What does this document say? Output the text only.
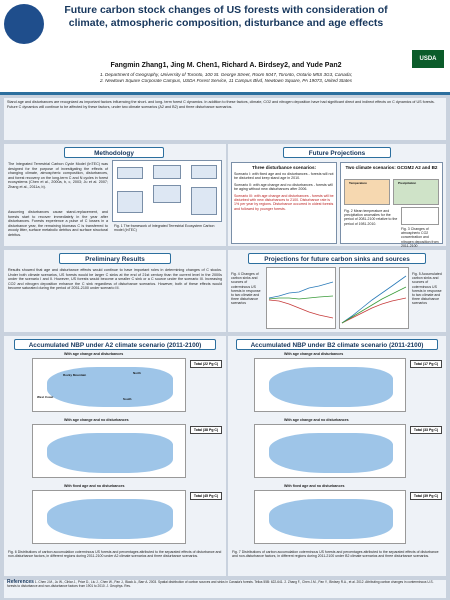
Future carbon stock changes of US forests with consideration of climate, atmospheric composition, disturbance and age effects
Fangmin Zhang1, Jing M. Chen1, Richard A. Birdsey2, and Yude Pan2
1. Department of Geography, University of Toronto, 100 St. George Street, Room 5047, Toronto, Ontario M5S 3G3, Canada;
2. Newtown Square Corporate Campus, USDA Forest Service, 11 Campus Blvd, Newtown Square, PA 19073, United States
USDA
Stand age and disturbances are recognized as important factors influencing the short- and long- term forest C dynamics. In addition to these factors, climate, CO2 and nitrogen deposition have had significant direct and indirect effects on C dynamics of US forests. Future C dynamics will continue to be affected by these factors, under two climate scenarios (A2 and B2) and three disturbance scenarios.
Methodology
The Integrated Terrestrial Carbon Cycle Model (InTEC) was designed for the purpose of investigating the effects of changing climate, atmospheric composition, disturbances, and forest recovery on the long-term C and N cycles in forest ecosystems (Chen et al., 2000a, b, c, 2003; Ju et al. 2007; Zhang et al., 2011a, b).
Fig. 1 The framework of Integrated Terrestrial Ecosystem Carbon model (InTEC)
Assuming disturbances cause stand-replacement, and forests start to recover immediately in the year after disturbances. Forests experience a pulse of C losses in a disturbance year, the remaining biomass C is transferred to woody litter, surface metabolic detritus and surface structural detritus.
Future Projections
Three disturbance scenarios:
Scenario I: with fixed age and no disturbances - forests will not be disturbed and keep stand age in 2010.
Scenario II: with age change and no disturbances - forests will be aging without new disturbances after 2006.
Scenario III: with age change and disturbances - forests will be disturbed with new disturbances to 2100. Disturbance rate is 1% per year by regions. Disturbance occurred in oldest forests and followed by younger forests.
Two climate scenarios: GCGM2 A2 and B2
Temperature	Precipitation
Fig. 2 Mean temperature and precipitation anomalies for the period of 2081-2100 relative to the period of 1981-2010.
Fig. 3 Changes of atmospheric CO2 concentration and nitrogen deposition from 2011-2100
Preliminary Results
Results showed that age and disturbance effects would continue to have important roles in determining changes of C stocks. Under both climate scenarios, US forests would be larger C sinks at the end of 21st century than the current level in the 2000s under the scenario I and II. However, US forests would become a smaller C sink or a C source under the scenario III. Increasing CO2 and nitrogen deposition enhance the C sink regardless of disturbance scenarios. However, both of these effects would become saturated during the period of 2051-2100 under scenario III.
Projections for future carbon sinks and sources
Fig. 4 Changes of carbon sinks and sources of coterminous US forests in response to two climate and three disturbance scenarios
Fig. 5 Accumulated carbon sinks and sources of coterminous US forests in response to two climate and three disturbance scenarios
Accumulated NBP under A2 climate scenario (2011-2100)
With age change and disturbances
Rocky Mountain	North
West Coast	South
Total (22 Pg C)
With age change and no disturbances
Total (38 Pg C)
With fixed age and no disturbances
Total (45 Pg C)
Fig. 6 Distributions of carbon accumulation coterminous US forests and percentages attributed to the separated effects of disturbance and non-disturbance factors, in different regions during 2011-2100 under A2 climate scenarios and three disturbance scenarios.
Accumulated NBP under B2 climate scenario (2011-2100)
With age change and disturbances
Total (17 Pg C)
With age change and no disturbances
Total (33 Pg C)
With fixed age and no disturbances
Total (39 Pg C)
Fig. 7 Distributions of carbon accumulation coterminous US forests and percentages attributed to the separated effects of disturbance and non-disturbance factors, in different regions during 2011-2100 under B2 climate scenarios and three disturbance scenarios.
References 1. Chen J.M., Ju W., Cihlar J., Price D., Liu J., Chen W., Pan J., Black A., Barr A. 2003. Spatial distribution of carbon sources and sinks in Canada's forests. Tellus 55B: 622-641. 2. Zhang F., Chen J.M., Pan Y., Birdsey R.A., et al. 2012. Attributing carbon changes in conterminous U.S. forests to disturbance and non-disturbance factors from 1901 to 2010. J. Geophys. Res.
